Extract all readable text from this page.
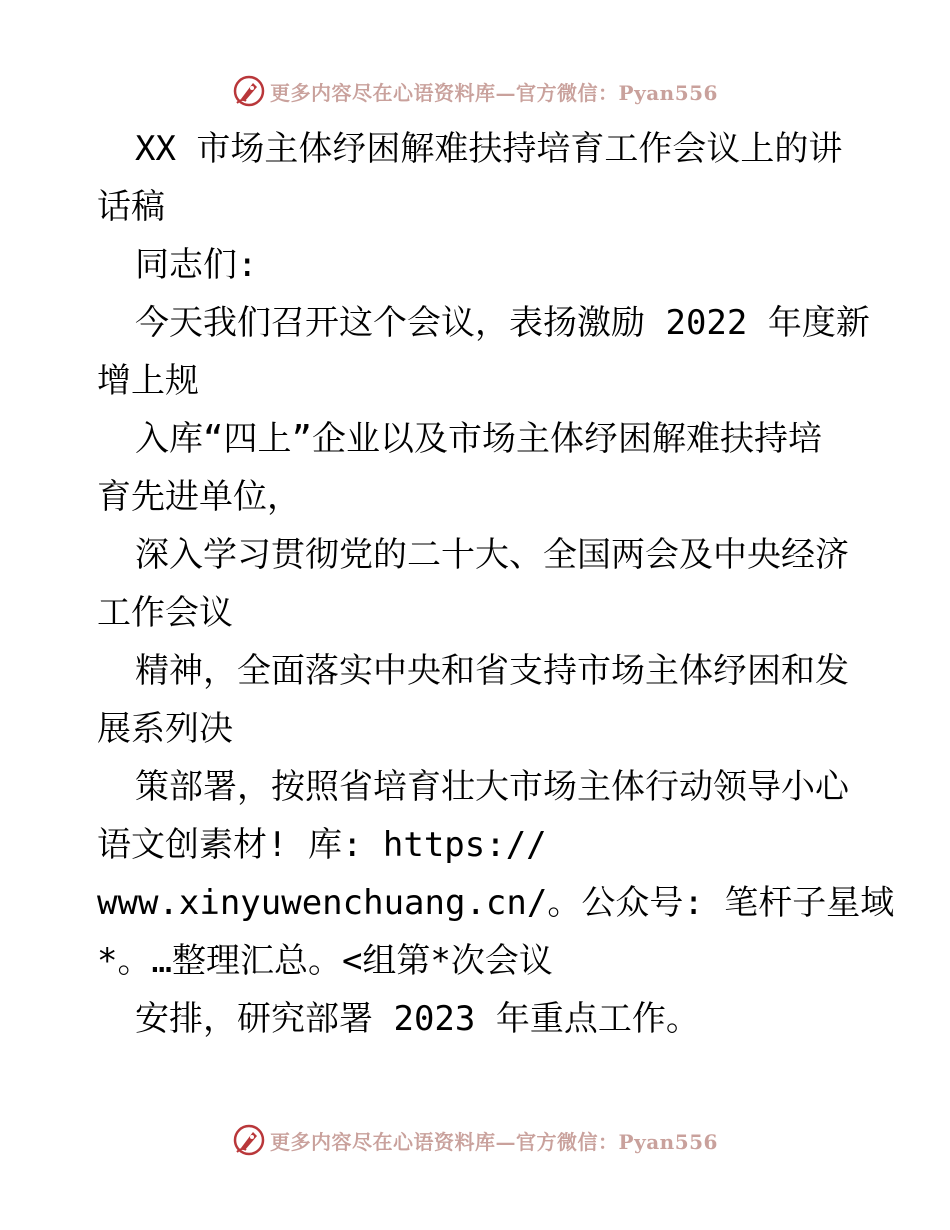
更多内容尽在心语资料库—官方微信：Pyan556

XX 市场主体纾困解难扶持培育工作会议上的讲

话稿

同志们:

今天我们召开这个会议，表扬激励 2022 年度新

增上规

入库“四上”企业以及市场主体纾困解难扶持培

育先进单位，

深入学习贯彻党的二十大、全国两会及中央经济

工作会议

精神，全面落实中央和省支持市场主体纾困和发

展系列决

策部署，按照省培育壮大市场主体行动领导小心

语文创素材! 库: https://

www.xinyuwenchuang.cn/。公众号: 笔杆子星域

*。…整理汇总。<组第*次会议

安排，研究部署 2023 年重点工作。

更多内容尽在心语资料库—官方微信：Pyan556
